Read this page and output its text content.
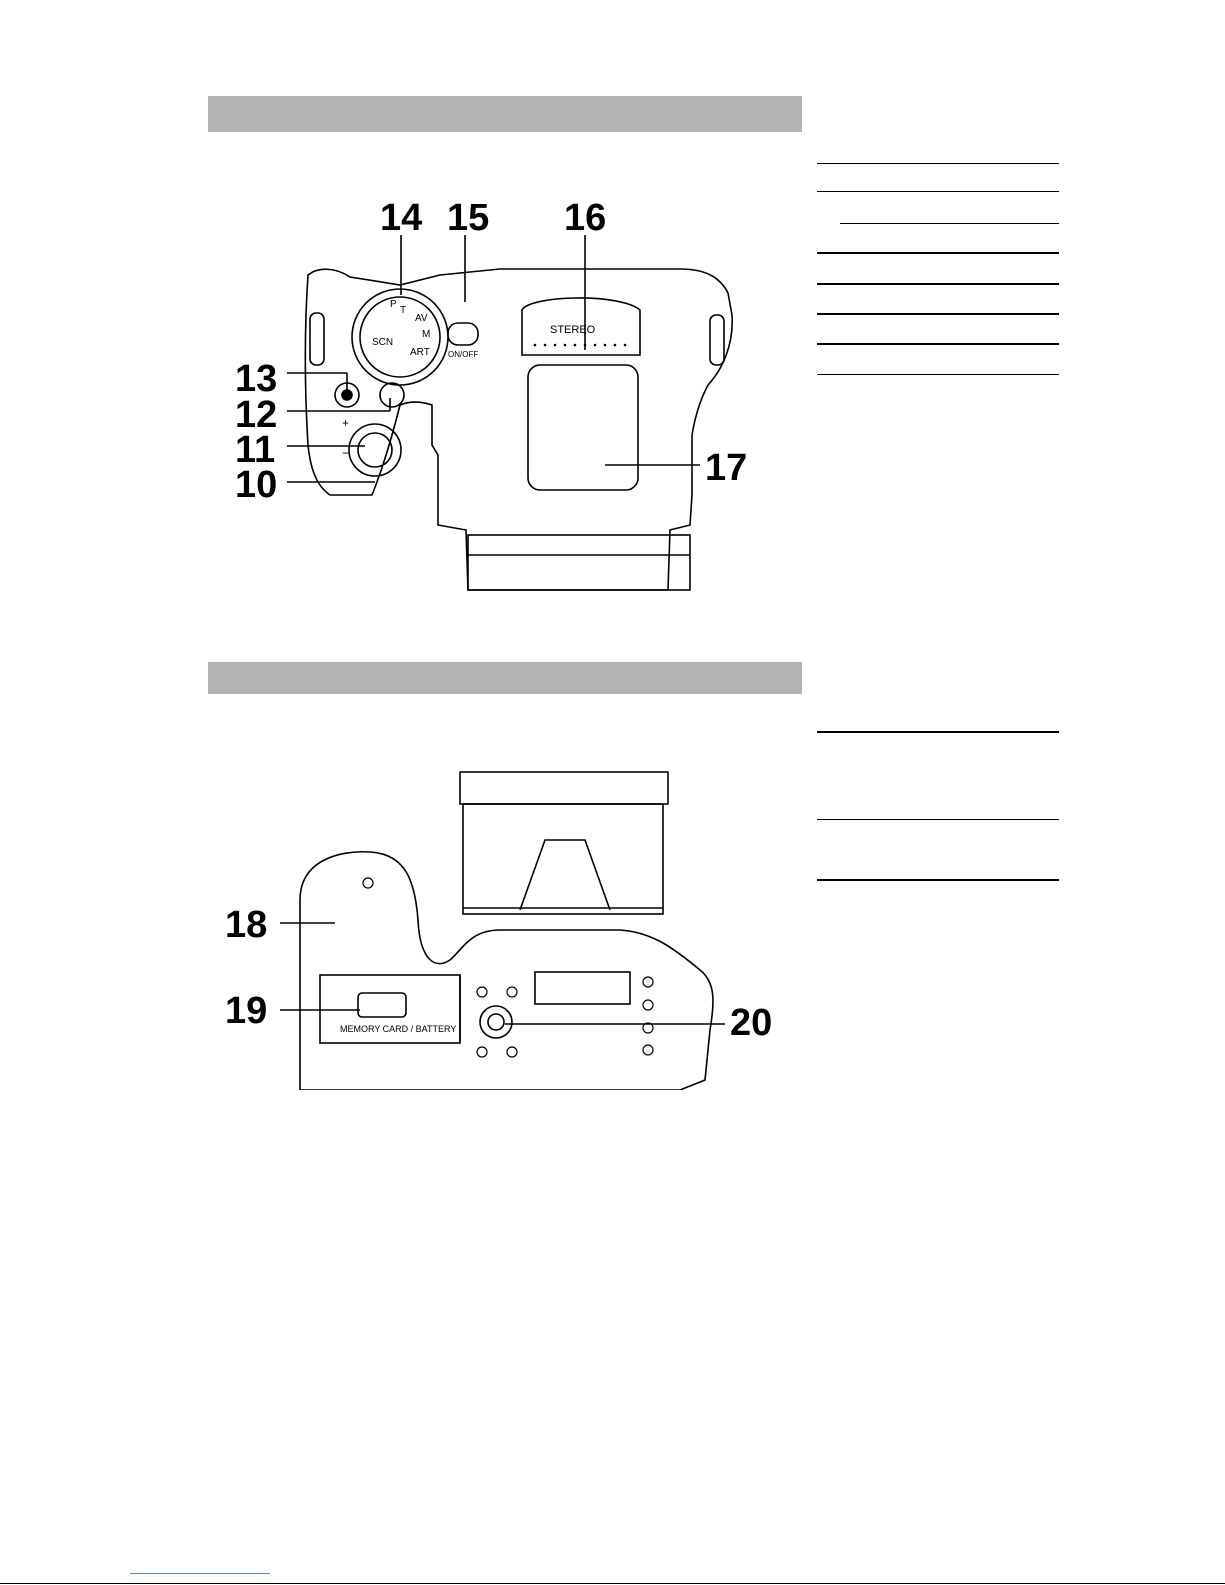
14 15 16
13
12
11
10	17
STEREO
ON/OFF
P
T
AV
M
ART
SCN
+
−
18
19	20
MEMORY CARD / BATTERY
